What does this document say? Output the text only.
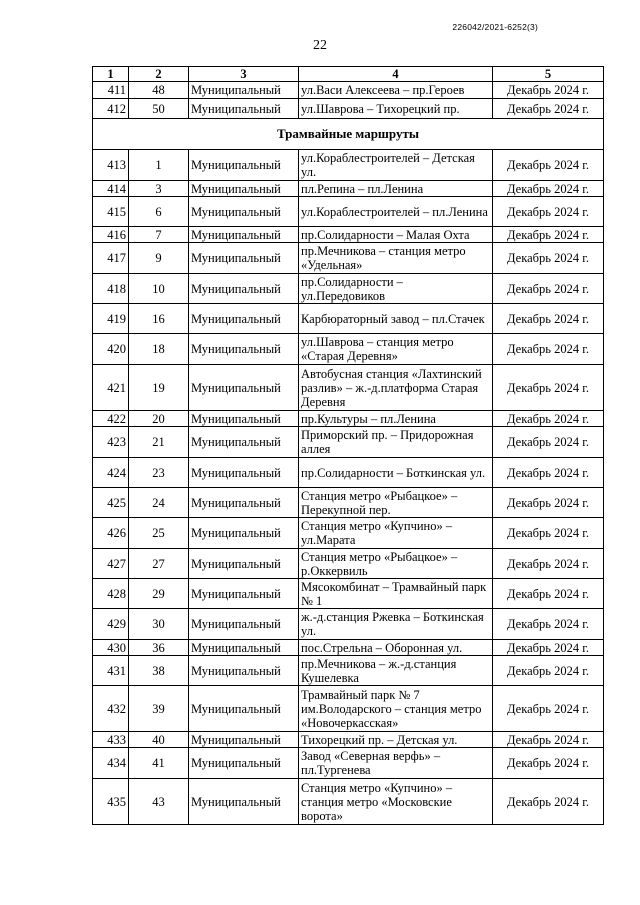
226042/2021-6252(3)
22
1	2	3	4	5
411	48	Муниципальный	ул.Васи Алексеева – пр.Героев	Декабрь 2024 г.
412	50	Муниципальный	ул.Шаврова – Тихорецкий пр.	Декабрь 2024 г.
Трамвайные маршруты				
413	1	Муниципальный	ул.Кораблестроителей – Детская ул.	Декабрь 2024 г.
414	3	Муниципальный	пл.Репина – пл.Ленина	Декабрь 2024 г.
415	6	Муниципальный	ул.Кораблестроителей – пл.Ленина	Декабрь 2024 г.
416	7	Муниципальный	пр.Солидарности – Малая Охта	Декабрь 2024 г.
417	9	Муниципальный	пр.Мечникова – станция метро «Удельная»	Декабрь 2024 г.
418	10	Муниципальный	пр.Солидарности – ул.Передовиков	Декабрь 2024 г.
419	16	Муниципальный	Карбюраторный завод – пл.Стачек	Декабрь 2024 г.
420	18	Муниципальный	ул.Шаврова – станция метро «Старая Деревня»	Декабрь 2024 г.
421	19	Муниципальный	Автобусная станция «Лахтинский разлив» – ж.-д.платформа Старая Деревня	Декабрь 2024 г.
422	20	Муниципальный	пр.Культуры – пл.Ленина	Декабрь 2024 г.
423	21	Муниципальный	Приморский пр. – Придорожная аллея	Декабрь 2024 г.
424	23	Муниципальный	пр.Солидарности – Боткинская ул.	Декабрь 2024 г.
425	24	Муниципальный	Станция метро «Рыбацкое» – Перекупной пер.	Декабрь 2024 г.
426	25	Муниципальный	Станция метро «Купчино» – ул.Марата	Декабрь 2024 г.
427	27	Муниципальный	Станция метро «Рыбацкое» – р.Оккервиль	Декабрь 2024 г.
428	29	Муниципальный	Мясокомбинат – Трамвайный парк № 1	Декабрь 2024 г.
429	30	Муниципальный	ж.-д.станция Ржевка – Боткинская ул.	Декабрь 2024 г.
430	36	Муниципальный	пос.Стрельна – Оборонная ул.	Декабрь 2024 г.
431	38	Муниципальный	пр.Мечникова – ж.-д.станция Кушелевка	Декабрь 2024 г.
432	39	Муниципальный	Трамвайный парк № 7 им.Володарского – станция метро «Новочеркасская»	Декабрь 2024 г.
433	40	Муниципальный	Тихорецкий пр. – Детская ул.	Декабрь 2024 г.
434	41	Муниципальный	Завод «Северная верфь» – пл.Тургенева	Декабрь 2024 г.
435	43	Муниципальный	Станция метро «Купчино» – станция метро «Московские ворота»	Декабрь 2024 г.
